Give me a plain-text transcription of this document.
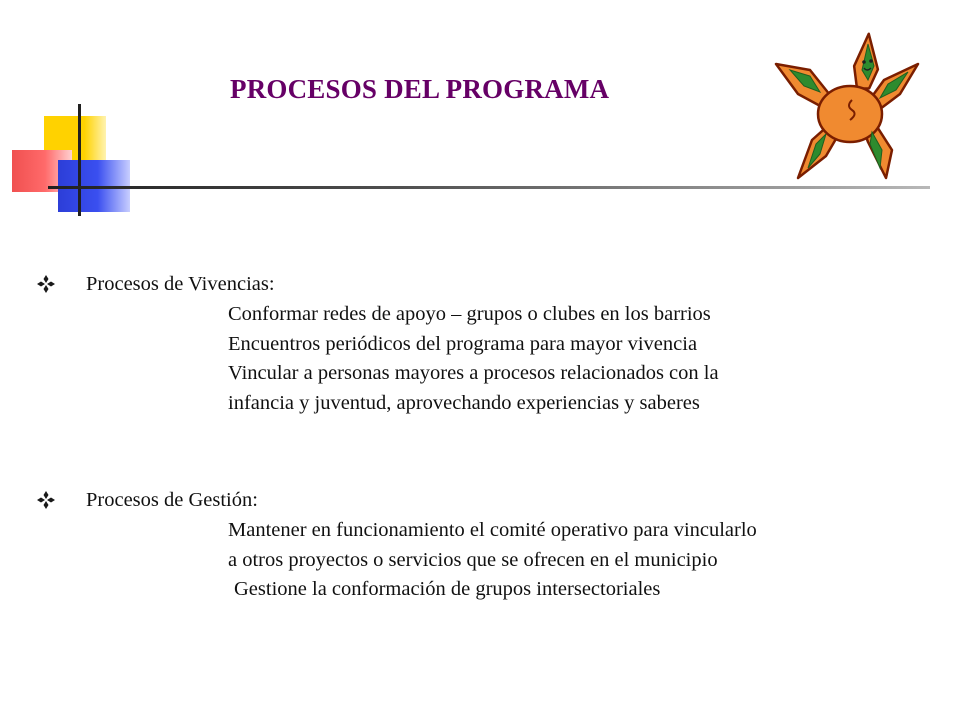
PROCESOS DEL PROGRAMA
Procesos de Vivencias:
Conformar redes de apoyo – grupos o clubes en los barrios
Encuentros periódicos del programa para mayor vivencia
Vincular a personas mayores a procesos relacionados con la
infancia y juventud, aprovechando experiencias y saberes
Procesos de Gestión:
Mantener en funcionamiento el comité operativo para vincularlo
a otros proyectos o servicios que se ofrecen en el municipio
Gestione la conformación de grupos intersectoriales
